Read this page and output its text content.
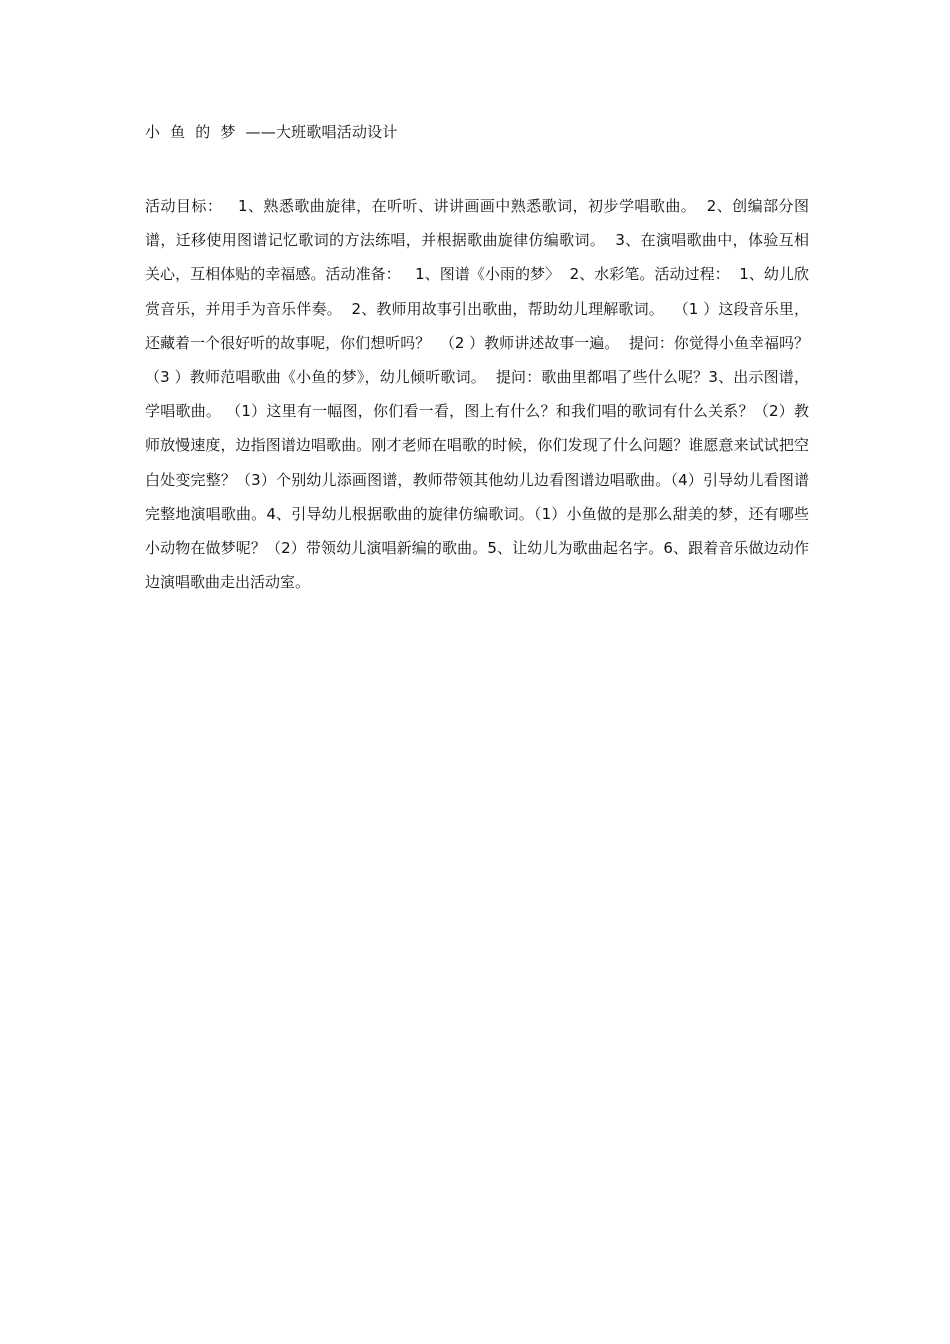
小  鱼  的  梦  ——大班歌唱活动设计
活动目标：   1、熟悉歌曲旋律，在听听、讲讲画画中熟悉歌词，初步学唱歌曲。  2、创编部分图谱，迁移使用图谱记忆歌词的方法练唱，并根据歌曲旋律仿编歌词。  3、在演唱歌曲中，体验互相关心，互相体贴的幸福感。活动准备：   1、图谱《小雨的梦〉  2、水彩笔。活动过程：  1、幼儿欣赏音乐，并用手为音乐伴奏。  2、教师用故事引出歌曲，帮助幼儿理解歌词。  （1 ）这段音乐里，还藏着一个很好听的故事呢，你们想听吗？  （2 ）教师讲述故事一遍。  提问：你觉得小鱼幸福吗？（3 ）教师范唱歌曲《小鱼的梦》，幼儿倾听歌词。  提问：歌曲里都唱了些什么呢？3、出示图谱，学唱歌曲。 （1）这里有一幅图，你们看一看，图上有什么？和我们唱的歌词有什么关系？（2）教师放慢速度，边指图谱边唱歌曲。刚才老师在唱歌的时候，你们发现了什么问题？谁愿意来试试把空白处变完整？（3）个别幼儿添画图谱，教师带领其他幼儿边看图谱边唱歌曲。（4）引导幼儿看图谱完整地演唱歌曲。4、引导幼儿根据歌曲的旋律仿编歌词。（1）小鱼做的是那么甜美的梦，还有哪些小动物在做梦呢？（2）带领幼儿演唱新编的歌曲。5、让幼儿为歌曲起名字。6、跟着音乐做边动作边演唱歌曲走出活动室。
